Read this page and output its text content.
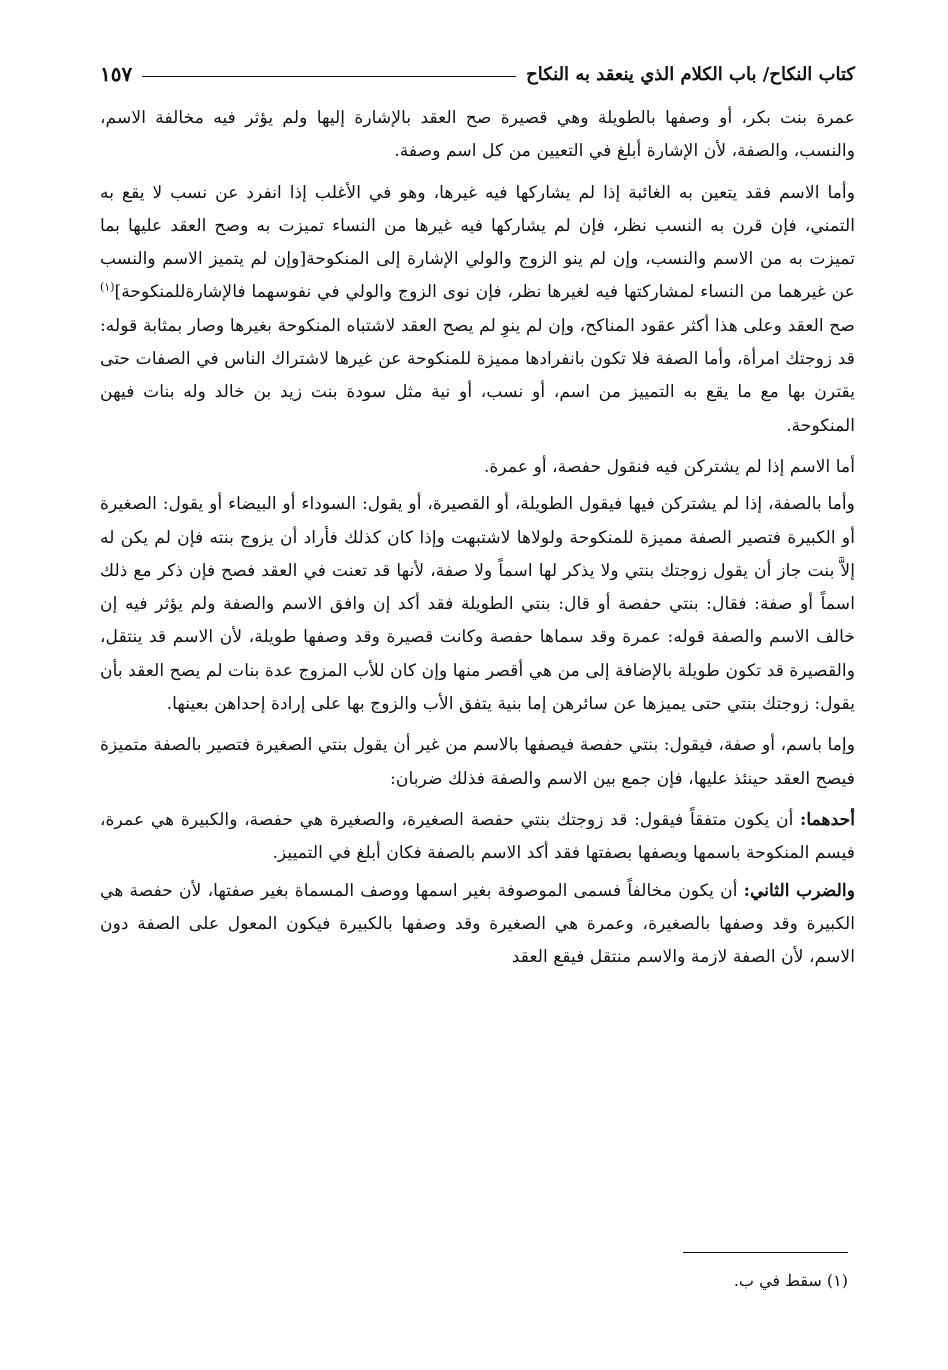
كتاب النكاح/ باب الكلام الذي ينعقد به النكاح
١٥٧

عمرة بنت بكر، أو وصفها بالطويلة وهي قصيرة صح العقد بالإشارة إليها ولم يؤثر فيه مخالفة الاسم، والنسب، والصفة، لأن الإشارة أبلغ في التعيين من كل اسم وصفة.

وأما الاسم فقد يتعين به الغائبة إذا لم يشاركها فيه غيرها، وهو في الأغلب إذا انفرد عن نسب لا يقع به التمني، فإن قرن به النسب نظر، فإن لم يشاركها فيه غيرها من النساء تميزت به وصح العقد عليها بما تميزت به من الاسم والنسب، وإن لم ينو الزوج والولي الإشارة إلى المنكوحة[وإن لم يتميز الاسم والنسب عن غيرهما من النساء لمشاركتها فيه لغيرها نظر، فإن نوى الزوج والولي في نفوسهما فالإشارةللمنكوحة]$^{(١)}$ صح العقد وعلى هذا أكثر عقود المناكح، وإن لم ينوِ لم يصح العقد لاشتباه المنكوحة بغيرها وصار بمثابة قوله: قد زوجتك امرأة، وأما الصفة فلا تكون بانفرادها مميزة للمنكوحة عن غيرها لاشتراك الناس في الصفات حتى يقترن بها مع ما يقع به التمييز من اسم، أو نسب، أو نية مثل سودة بنت زيد بن خالد وله بنات فيهن المنكوحة.

أما الاسم إذا لم يشتركن فيه فنقول حفصة، أو عمرة.

وأما بالصفة، إذا لم يشتركن فيها فيقول الطويلة، أو القصيرة، أو يقول: السوداء أو البيضاء أو يقول: الصغيرة أو الكبيرة فتصير الصفة مميزة للمنكوحة ولولاها لاشتبهت وإذا كان كذلك فأراد أن يزوج بنته فإن لم يكن له إلاَّ بنت جاز أن يقول زوجتك بنتي ولا يذكر لها اسماً ولا صفة، لأنها قد تعنت في العقد فصح فإن ذكر مع ذلك اسماً أو صفة: فقال: بنتي حفصة أو قال: بنتي الطويلة فقد أكد إن وافق الاسم والصفة ولم يؤثر فيه إن خالف الاسم والصفة قوله: عمرة وقد سماها حفصة وكانت قصيرة وقد وصفها طويلة، لأن الاسم قد ينتقل، والقصيرة قد تكون طويلة بالإضافة إلى من هي أقصر منها وإن كان للأب المزوج عدة بنات لم يصح العقد بأن يقول: زوجتك بنتي حتى يميزها عن سائرهن إما بنية يتفق الأب والزوج بها على إرادة إحداهن بعينها.

وإما باسم، أو صفة، فيقول: بنتي حفصة فيصفها بالاسم من غير أن يقول بنتي الصغيرة فتصير بالصفة متميزة فيصح العقد حينئذ عليها، فإن جمع بين الاسم والصفة فذلك ضربان:

أحدهما: أن يكون متفقاً فيقول: قد زوجتك بنتي حفصة الصغيرة، والصغيرة هي حفصة، والكبيرة هي عمرة، فيسم المنكوحة باسمها ويصفها بصفتها فقد أكد الاسم بالصفة فكان أبلغ في التمييز.

والضرب الثاني: أن يكون مخالفاً فسمى الموصوفة بغير اسمها ووصف المسماة بغير صفتها، لأن حفصة هي الكبيرة وقد وصفها بالصغيرة، وعمرة هي الصغيرة وقد وصفها بالكبيرة فيكون المعول على الصفة دون الاسم، لأن الصفة لازمة والاسم منتقل فيقع العقد

(١) سقط في ب.
